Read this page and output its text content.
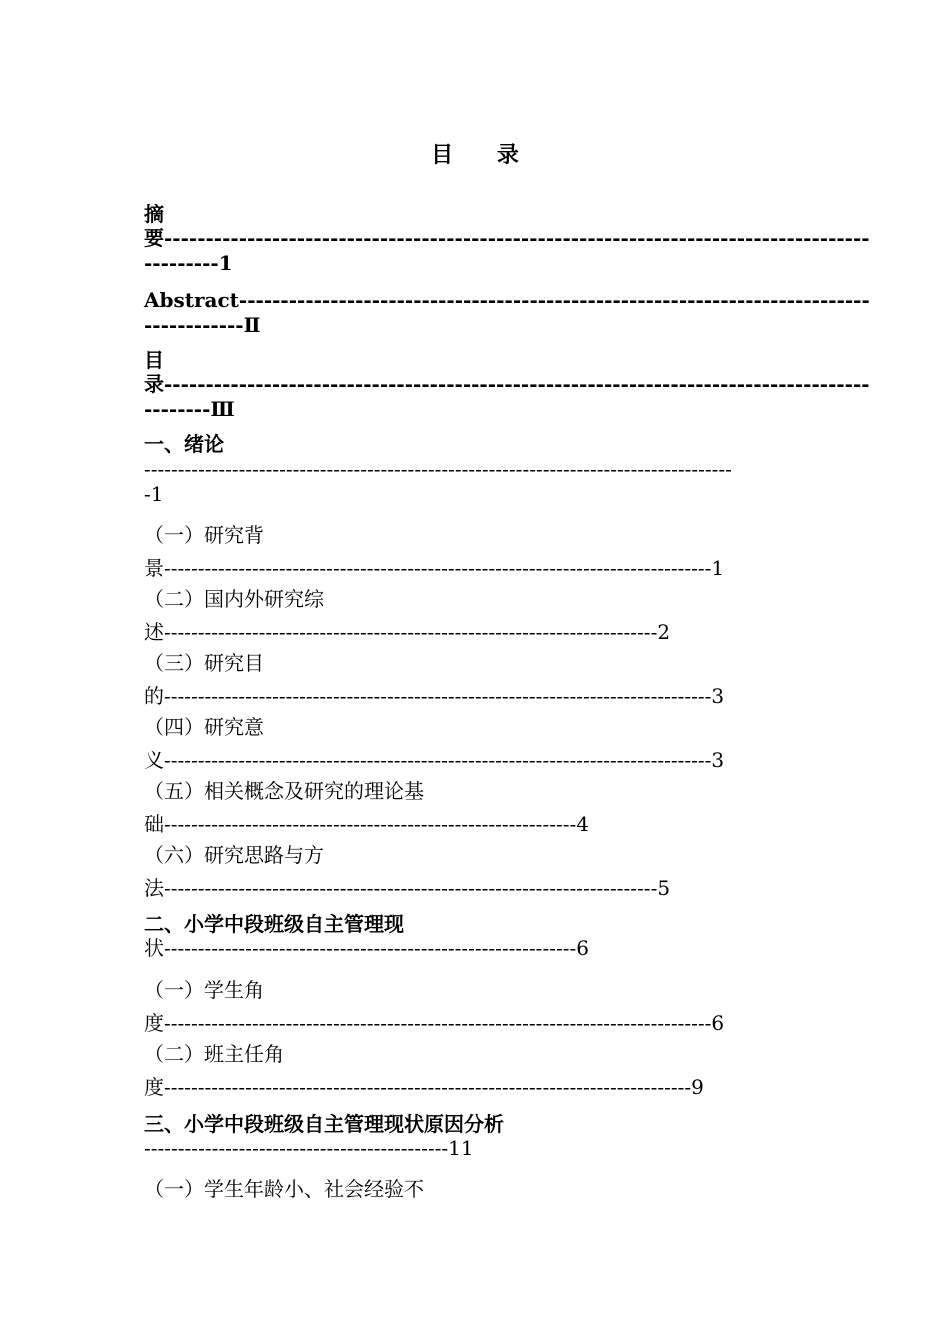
目 录
摘
要-------------------------------------------------------------------------------------
---------1
Abstract----------------------------------------------------------------------------
------------Ⅱ
目
录-------------------------------------------------------------------------------------
--------Ⅲ
一、绪论
---------------------------------------------------------------------------------------
-1
（一）研究背
景---------------------------------------------------------------------------------1
（二）国内外研究综
述-------------------------------------------------------------------------2
（三）研究目
的---------------------------------------------------------------------------------3
（四）研究意
义---------------------------------------------------------------------------------3
（五）相关概念及研究的理论基
础-------------------------------------------------------------4
（六）研究思路与方
法-------------------------------------------------------------------------5
二、小学中段班级自主管理现
状-------------------------------------------------------------6
（一）学生角
度---------------------------------------------------------------------------------6
（二）班主任角
度------------------------------------------------------------------------------9
三、小学中段班级自主管理现状原因分析
---------------------------------------------11
（一）学生年龄小、社会经验不
